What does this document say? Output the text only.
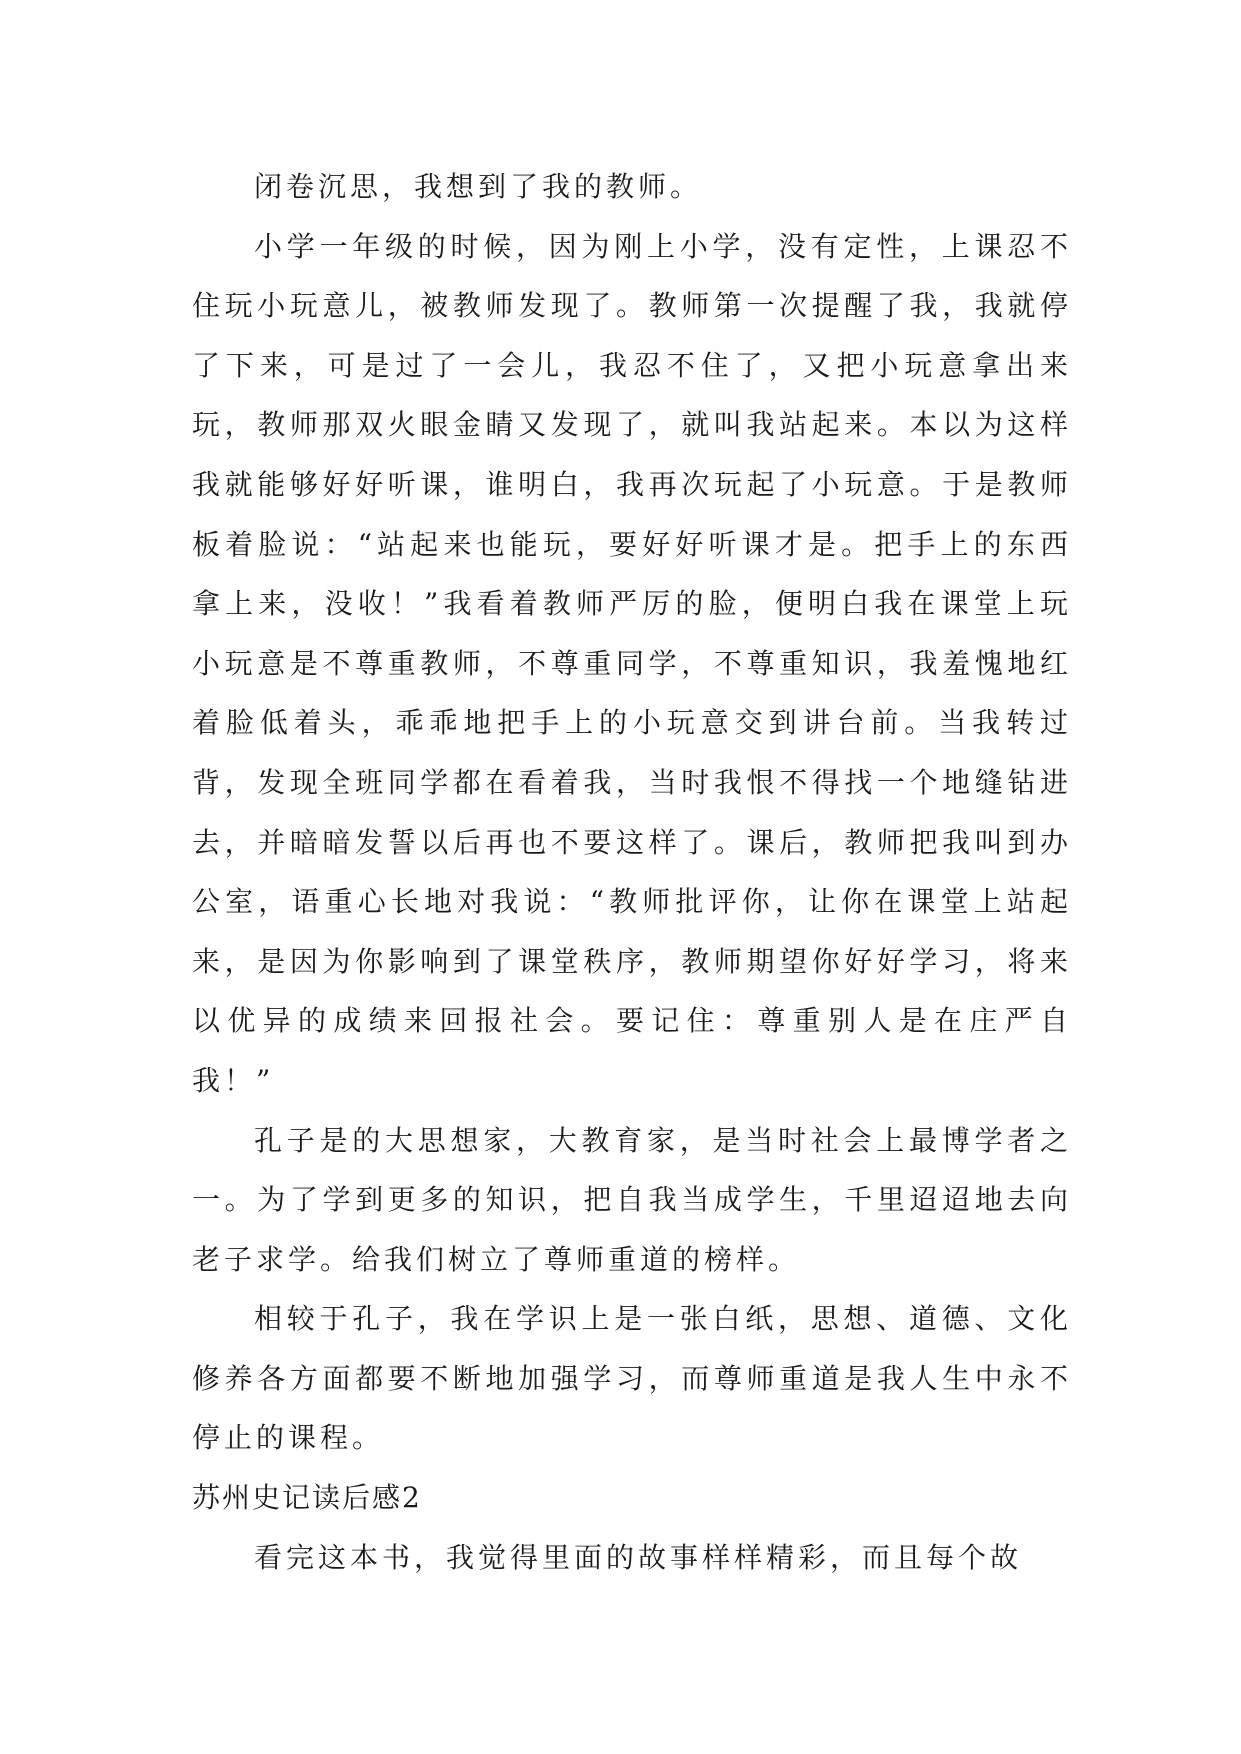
闭卷沉思，我想到了我的教师。

小学一年级的时候，因为刚上小学，没有定性，上课忍不住玩小玩意儿，被教师发现了。教师第一次提醒了我，我就停了下来，可是过了一会儿，我忍不住了，又把小玩意拿出来玩，教师那双火眼金睛又发现了，就叫我站起来。本以为这样我就能够好好听课，谁明白，我再次玩起了小玩意。于是教师板着脸说：“站起来也能玩，要好好听课才是。把手上的东西拿上来，没收！”我看着教师严厉的脸，便明白我在课堂上玩小玩意是不尊重教师，不尊重同学，不尊重知识，我羞愧地红着脸低着头，乖乖地把手上的小玩意交到讲台前。当我转过背，发现全班同学都在看着我，当时我恨不得找一个地缝钻进去，并暗暗发誓以后再也不要这样了。课后，教师把我叫到办公室，语重心长地对我说：“教师批评你，让你在课堂上站起来，是因为你影响到了课堂秩序，教师期望你好好学习，将来以优异的成绩来回报社会。要记住：尊重别人是在庄严自我！”

孔子是的大思想家，大教育家，是当时社会上最博学者之一。为了学到更多的知识，把自我当成学生，千里迢迢地去向老子求学。给我们树立了尊师重道的榜样。

相较于孔子，我在学识上是一张白纸，思想、道德、文化修养各方面都要不断地加强学习，而尊师重道是我人生中永不停止的课程。

苏州史记读后感2

看完这本书，我觉得里面的故事样样精彩，而且每个故
